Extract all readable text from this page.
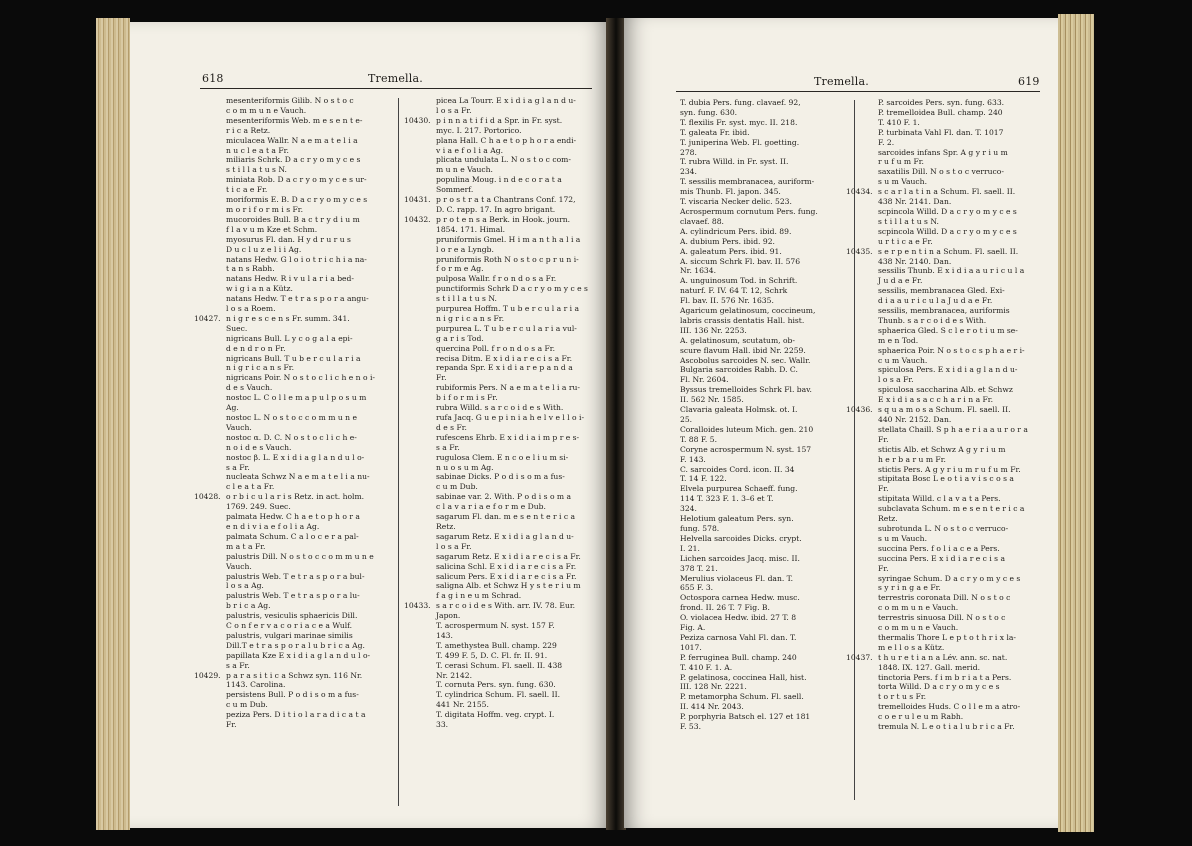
618	Tremella.
mesenteriformis Gilib. N o s t o c
c o m m u n e Vauch.
mesenteriformis Web. m e s e n t e-
r i c a Retz.
miculacea Wallr. N a e m a t e l i a
n u c l e a t a Fr.
miliaris Schrk. D a c r y o m y c e s
s t i l l a t u s N.
miniata Rob. D a c r y o m y c e s ur-
t i c a e Fr.
moriformis E. B. D a c r y o m y c e s
m o r i f o r m i s Fr.
mucoroides Bull. B a c t r y d i u m
f l a v u m Kze et Schm.
myosurus Fl. dan. H y d r u r u s
D u c l u z e l i i Ag.
natans Hedw. G l o i o t r i c h i a na-
t a n s Rabh.
natans Hedw. R i v u l a r i a bed-
w i g i a n a Kütz.
natans Hedw. T e t r a s p o r a angu-
l o s a Roem.
10427. n i g r e s c e n s Fr. summ. 341.
Suec.
nigricans Bull. L y c o g a l a epi-
d e n d r o n Fr.
nigricans Bull. T u b e r c u l a r i a
n i g r i c a n s Fr.
nigricans Poir. N o s t o c l i c h e n o i-
d e s Vauch.
nostoc L. C o l l e m a p u l p o s u m
Ag.
nostoc L. N o s t o c c o m m u n e
Vauch.
nostoc α. D. C. N o s t o c l i c h e-
n o i d e s Vauch.
nostoc β. L. E x i d i a g l a n d u l o-
s a Fr.
nucleata Schwz N a e m a t e l i a nu-
c l e a t a Fr.
10428. o r b i c u l a r i s Retz. in act. holm.
1769. 249. Suec.
palmata Hedw. C h a e t o p h o r a
e n d i v i a e f o l i a Ag.
palmata Schum. C a l o c e r a pal-
m a t a Fr.
palustris Dill. N o s t o c c o m m u n e
Vauch.
palustris Web. T e t r a s p o r a bul-
l o s a Ag.
palustris Web. T e t r a s p o r a lu-
b r i c a Ag.
palustris, vesiculis sphaericis Dill.
C o n f e r v a c o r i a c e a Wulf.
palustris, vulgari marinae similis
Dill.T e t r a s p o r a l u b r i c a Ag.
papillata Kze E x i d i a g l a n d u l o-
s a Fr.
10429. p a r a s i t i c a Schwz syn. 116 Nr.
1143. Carolina.
persistens Bull. P o d i s o m a fus-
c u m Dub.
peziza Pers. D i t i o l a r a d i c a t a
Fr.
picea La Tourr. E x i d i a g l a n d u-
l o s a Fr.
10430. p i n n a t i f i d a Spr. in Fr. syst.
myc. I. 217. Portorico.
plana Hall. C h a e t o p h o r a endi-
v i a e f o l i a Ag.
plicata undulata L. N o s t o c com-
m u n e Vauch.
populina Moug. i n d e c o r a t a
Sommerf.
10431. p r o s t r a t a Chantrans Conf. 172,
D. C. rapp. 17. In agro brigant.
10432. p r o t e n s a Berk. in Hook. journ.
1854. 171. Himal.
pruniformis Gmel. H i m a n t h a l i a
l o r e a Lyngb.
pruniformis Roth N o s t o c p r u n i-
f o r m e Ag.
pulposa Wallr. f r o n d o s a Fr.
punctiformis Schrk D a c r y o m y c e s
s t i l l a t u s N.
purpurea Hoffm. T u b e r c u l a r i a
n i g r i c a n s Fr.
purpurea L. T u b e r c u l a r i a vul-
g a r i s Tod.
quercina Poll. f r o n d o s a Fr.
recisa Ditm. E x i d i a r e c i s a Fr.
repanda Spr. E x i d i a r e p a n d a
Fr.
rubiformis Pers. N a e m a t e l i a ru-
b i f o r m i s Fr.
rubra Willd. s a r c o i d e s With.
rufa Jacq. G u e p i n i a h e l v e l l o i-
d e s Fr.
rufescens Ehrb. E x i d i a i m p r e s-
s a Fr.
rugulosa Clem. E n c o e l i u m si-
n u o s u m Ag.
sabinae Dicks. P o d i s o m a fus-
c u m Dub.
sabinae var. 2. With. P o d i s o m a
c l a v a r i a e f o r m e Dub.
sagarum Fl. dan. m e s e n t e r i c a
Retz.
sagarum Retz. E x i d i a g l a n d u-
l o s a Fr.
sagarum Retz. E x i d i a r e c i s a Fr.
salicina Schl. E x i d i a r e c i s a Fr.
salicum Pers. E x i d i a r e c i s a Fr.
saligna Alb. et Schwz H y s t e r i u m
f a g i n e u m Schrad.
10433. s a r c o i d e s With. arr. IV. 78. Eur.
Japon.
T. acrospermum N. syst. 157 F.
143.
T. amethystea Bull. champ. 229
T. 499 F. 5, D. C. Fl. fr. II. 91.
T. cerasi Schum. Fl. saell. II. 438
Nr. 2142.
T. cornuta Pers. syn. fung. 630.
T. cylindrica Schum. Fl. saell. II.
441 Nr. 2155.
T. digitata Hoffm. veg. crypt. I.
33.
Tremella.	619
T. dubia Pers. fung. clavaef. 92,
syn. fung. 630.
T. flexilis Fr. syst. myc. II. 218.
T. galeata Fr. ibid.
T. juniperina Web. Fl. goetting.
278.
T. rubra Willd. in Fr. syst. II.
234.
T. sessilis membranacea, auriform-
mis Thunb. Fl. japon. 345.
T. viscaria Necker delic. 523.
Acrospermum cornutum Pers. fung.
clavaef. 88.
A. cylindricum Pers. ibid. 89.
A. dubium Pers. ibid. 92.
A. galeatum Pers. ibid. 91.
A. siccum Schrk Fl. bav. II. 576
Nr. 1634.
A. unguinosum Tod. in Schrift.
naturf. F. IV. 64 T. 12, Schrk
Fl. bav. II. 576 Nr. 1635.
Agaricum gelatinosum, coccineum,
labris crassis dentatis Hall. hist.
III. 136 Nr. 2253.
A. gelatinosum, scutatum, ob-
scure flavum Hall. ibid Nr. 2259.
Ascobolus sarcoides N. sec. Wallr.
Bulgaria sarcoides Rabh. D. C.
Fl. Nr. 2604.
Byssus tremelloides Schrk Fl. bav.
II. 562 Nr. 1585.
Clavaria galeata Holmsk. ot. I.
25.
Coralloides luteum Mich. gen. 210
T. 88 F. 5.
Coryne acrospermum N. syst. 157
F. 143.
C. sarcoides Cord. icon. II. 34
T. 14 F. 122.
Elvela purpurea Schaeff. fung.
114 T. 323 F. 1. 3–6 et T.
324.
Helotium galeatum Pers. syn.
fung. 578.
Helvella sarcoides Dicks. crypt.
I. 21.
Lichen sarcoides Jacq. misc. II.
378 T. 21.
Merulius violaceus Fl. dan. T.
655 F. 3.
Octospora carnea Hedw. musc.
frond. II. 26 T. 7 Fig. B.
O. violacea Hedw. ibid. 27 T. 8
Fig. A.
Peziza carnosa Vahl Fl. dan. T.
1017.
P. ferruginea Bull. champ. 240
T. 410 F. 1. A.
P. gelatinosa, coccinea Hall, hist.
III. 128 Nr. 2221.
P. metamorpha Schum. Fl. saell.
II. 414 Nr. 2043.
P. porphyria Batsch el. 127 et 181
F. 53.
P. sarcoides Pers. syn. fung. 633.
P. tremelloidea Bull. champ. 240
T. 410 F. 1.
P. turbinata Vahl Fl. dan. T. 1017
F. 2.
sarcoides infans Spr. A g y r i u m
r u f u m Fr.
saxatilis Dill. N o s t o c verruco-
s u m Vauch.
10434. s c a r l a t i n a Schum. Fl. saell. II.
438 Nr. 2141. Dan.
scpincola Willd. D a c r y o m y c e s
s t i l l a t u s N.
scpincola Willd. D a c r y o m y c e s
u r t i c a e Fr.
10435. s e r p e n t i n a Schum. Fl. saell. II.
438 Nr. 2140. Dan.
sessilis Thunb. E x i d i a a u r i c u l a
J u d a e Fr.
sessilis, membranacea Gled. Exi-
d i a a u r i c u l a J u d a e Fr.
sessilis, membranacea, auriformis
Thunb. s a r c o i d e s With.
sphaerica Gled. S c l e r o t i u m se-
m e n Tod.
sphaerica Poir. N o s t o c s p h a e r i-
c u m Vauch.
spiculosa Pers. E x i d i a g l a n d u-
l o s a Fr.
spiculosa saccharina Alb. et Schwz
E x i d i a s a c c h a r i n a Fr.
10436. s q u a m o s a Schum. Fl. saell. II.
440 Nr. 2152. Dan.
stellata Chaill. S p h a e r i a a u r o r a
Fr.
stictis Alb. et Schwz A g y r i u m
h e r b a r u m Fr.
stictis Pers. A g y r i u m r u f u m Fr.
stipitata Bosc L e o t i a v i s c o s a
Fr.
stipitata Willd. c l a v a t a Pers.
subclavata Schum. m e s e n t e r i c a
Retz.
subrotunda L. N o s t o c verruco-
s u m Vauch.
succina Pers. f o l i a c e a Pers.
succina Pers. E x i d i a r e c i s a
Fr.
syringae Schum. D a c r y o m y c e s
s y r i n g a e Fr.
terrestris coronata Dill. N o s t o c
c o m m u n e Vauch.
terrestris sinuosa Dill. N o s t o c
c o m m u n e Vauch.
thermalis Thore L e p t o t h r i x la-
m e l l o s a Kütz.
10437. t h u r e t i a n a Lév. ann. sc. nat.
1848. IX. 127. Gall. merid.
tinctoria Pers. f i m b r i a t a Pers.
torta Willd. D a c r y o m y c e s
t o r t u s Fr.
tremelloides Huds. C o l l e m a atro-
c o e r u l e u m Rabh.
tremula N. L e o t i a l u b r i c a Fr.
